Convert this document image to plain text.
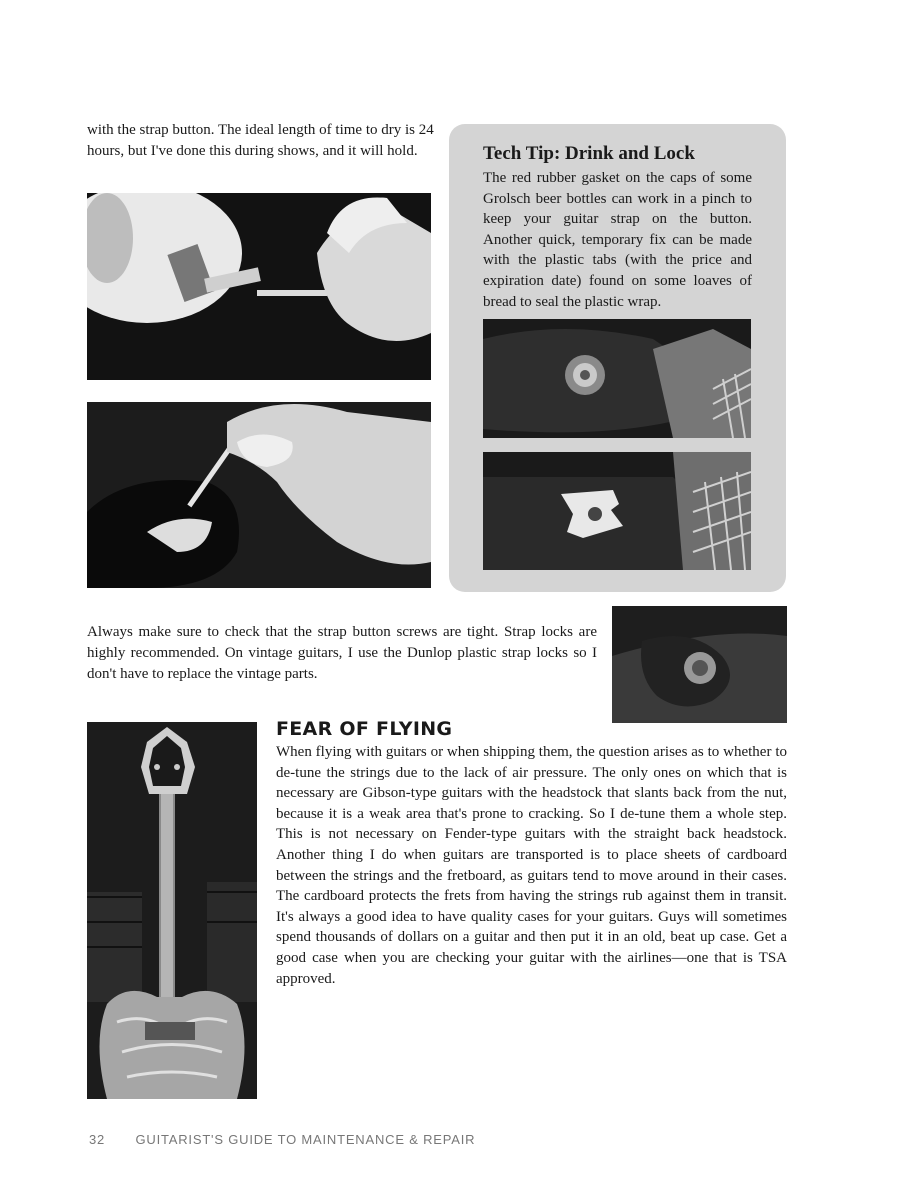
with the strap button. The ideal length of time to dry is 24 hours, but I've done this during shows, and it will hold.	Tech Tip: Drink and Lock

The red rubber gasket on the caps of some Grolsch beer bottles can work in a pinch to keep your guitar strap on the button. Another quick, temporary fix can be made with the plastic tabs (with the price and expiration date) found on some loaves of bread to seal the plastic wrap.

Always make sure to check that the strap button screws are tight. Strap locks are highly recommended. On vintage guitars, I use the Dunlop plastic strap locks so I don't have to replace the vintage parts.

FEAR OF FLYING

When flying with guitars or when shipping them, the question arises as to whether to de-tune the strings due to the lack of air pressure. The only ones on which that is necessary are Gibson-type guitars with the headstock that slants back from the nut, because it is a weak area that's prone to cracking. So I de-tune them a whole step. This is not necessary on Fender-type guitars with the straight back headstock. Another thing I do when guitars are transported is to place sheets of cardboard between the strings and the fretboard, as guitars tend to move around in their cases. The cardboard protects the frets from having the strings rub against them in transit. It's always a good idea to have quality cases for your guitars. Guys will sometimes spend thousands of dollars on a guitar and then put it in an old, beat up case. Get a good case when you are checking your guitar with the airlines—one that is TSA approved.

32 GUITARIST'S GUIDE TO MAINTENANCE & REPAIR
